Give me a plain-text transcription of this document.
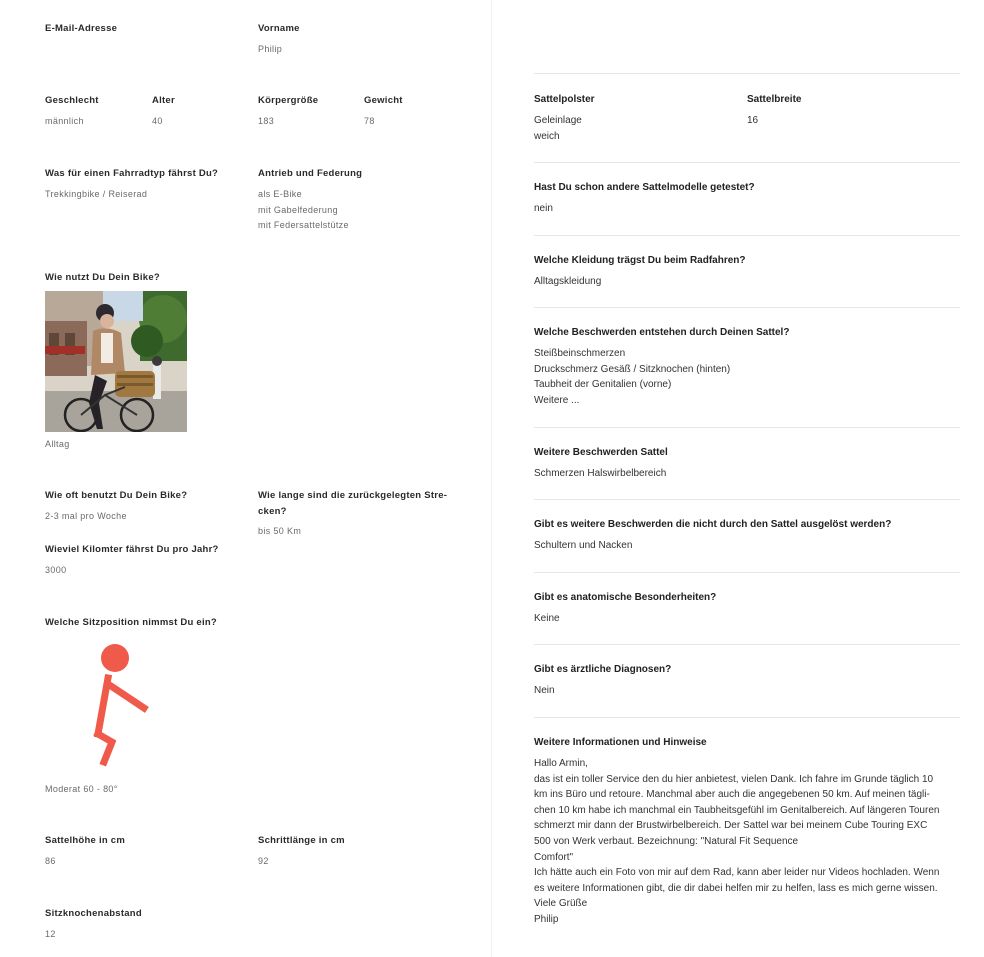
E-Mail-Adresse	Vorname
Philip
Geschlecht
männlich
Alter
40
Körpergröße
183
Gewicht
78
Was für einen Fahrradtyp fährst Du?
Trekkingbike / Reiserad
Antrieb und Federung
als E-Bike
mit Gabelfederung
mit Federsattelstütze
Wie nutzt Du Dein Bike?
Alltag
Wie oft benutzt Du Dein Bike?
2-3 mal pro Woche
Wie lange sind die zurückgelegten Strecken?
bis 50 Km
Wieviel Kilomter fährst Du pro Jahr?
3000
Welche Sitzposition nimmst Du ein?
Moderat 60 - 80°
Sattelhöhe in cm
86
Schrittlänge in cm
92
Sitzknochenabstand
12
Sattelpolster
Geleinlage
weich
Sattelbreite
16
Hast Du schon andere Sattelmodelle getestet?
nein
Welche Kleidung trägst Du beim Radfahren?
Alltagskleidung
Welche Beschwerden entstehen durch Deinen Sattel?
Steißbeinschmerzen
Druckschmerz Gesäß / Sitzknochen (hinten)
Taubheit der Genitalien (vorne)
Weitere ...
Weitere Beschwerden Sattel
Schmerzen Halswirbelbereich
Gibt es weitere Beschwerden die nicht durch den Sattel ausgelöst werden?
Schultern und Nacken
Gibt es anatomische Besonderheiten?
Keine
Gibt es ärztliche Diagnosen?
Nein
Weitere Informationen und Hinweise
Hallo Armin,
das ist ein toller Service den du hier anbietest, vielen Dank. Ich fahre im Grunde täglich 10
km ins Büro und retoure. Manchmal aber auch die angegebenen 50 km. Auf meinen tägli-
chen 10 km habe ich manchmal ein Taubheitsgefühl im Genitalbereich. Auf längeren Touren
schmerzt mir dann der Brustwirbelbereich. Der Sattel war bei meinem Cube Touring EXC
500 von Werk verbaut. Bezeichnung: "Natural Fit Sequence
Comfort"
Ich hätte auch ein Foto von mir auf dem Rad, kann aber leider nur Videos hochladen. Wenn
es weitere Informationen gibt, die dir dabei helfen mir zu helfen, lass es mich gerne wissen.
Viele Grüße
Philip
